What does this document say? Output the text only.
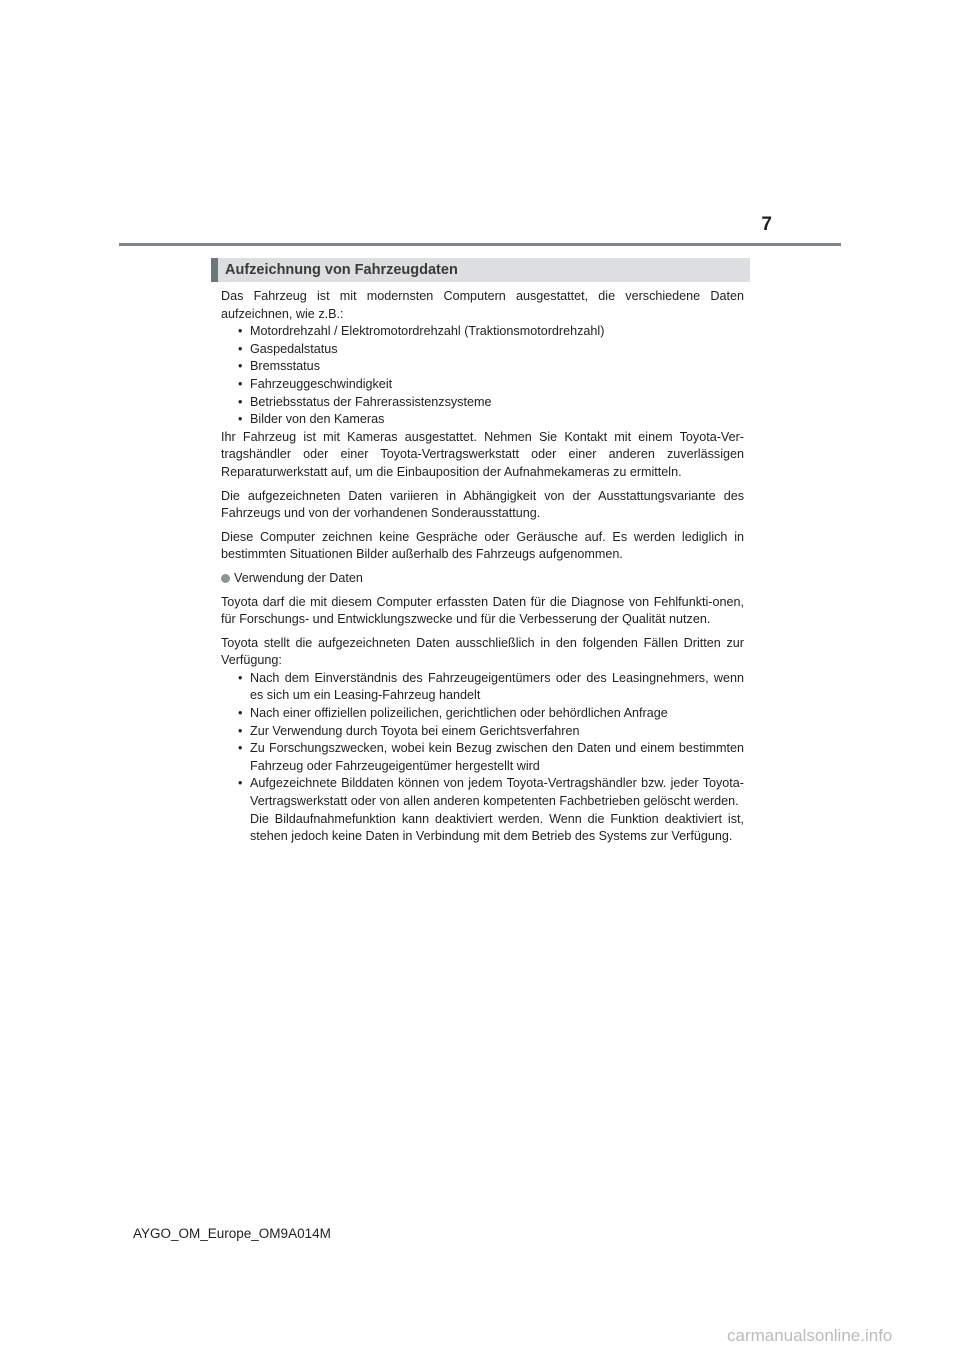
7
Aufzeichnung von Fahrzeugdaten

Das Fahrzeug ist mit modernsten Computern ausgestattet, die verschiedene Daten aufzeichnen, wie z.B.:

• Motordrehzahl / Elektromotordrehzahl (Traktionsmotordrehzahl)
• Gaspedalstatus
• Bremsstatus
• Fahrzeuggeschwindigkeit
• Betriebsstatus der Fahrerassistenzsysteme
• Bilder von den Kameras

Ihr Fahrzeug ist mit Kameras ausgestattet. Nehmen Sie Kontakt mit einem Toyota-Ver-tragshändler oder einer Toyota-Vertragswerkstatt oder einer anderen zuverlässigen Reparaturwerkstatt auf, um die Einbauposition der Aufnahmekameras zu ermitteln.

Die aufgezeichneten Daten variieren in Abhängigkeit von der Ausstattungsvariante des Fahrzeugs und von der vorhandenen Sonderausstattung.

Diese Computer zeichnen keine Gespräche oder Geräusche auf. Es werden lediglich in bestimmten Situationen Bilder außerhalb des Fahrzeugs aufgenommen.

Verwendung der Daten

Toyota darf die mit diesem Computer erfassten Daten für die Diagnose von Fehlfunkti-onen, für Forschungs- und Entwicklungszwecke und für die Verbesserung der Qualität nutzen.

Toyota stellt die aufgezeichneten Daten ausschließlich in den folgenden Fällen Dritten zur Verfügung:

• Nach dem Einverständnis des Fahrzeugeigentümers oder des Leasingnehmers, wenn es sich um ein Leasing-Fahrzeug handelt
• Nach einer offiziellen polizeilichen, gerichtlichen oder behördlichen Anfrage
• Zur Verwendung durch Toyota bei einem Gerichtsverfahren
• Zu Forschungszwecken, wobei kein Bezug zwischen den Daten und einem bestimmten Fahrzeug oder Fahrzeugeigentümer hergestellt wird
• Aufgezeichnete Bilddaten können von jedem Toyota-Vertragshändler bzw. jeder Toyota-Vertragswerkstatt oder von allen anderen kompetenten Fachbetrieben gelöscht werden.
Die Bildaufnahmefunktion kann deaktiviert werden. Wenn die Funktion deaktiviert ist, stehen jedoch keine Daten in Verbindung mit dem Betrieb des Systems zur Verfügung.
AYGO_OM_Europe_OM9A014M
carmanualsonline.info
